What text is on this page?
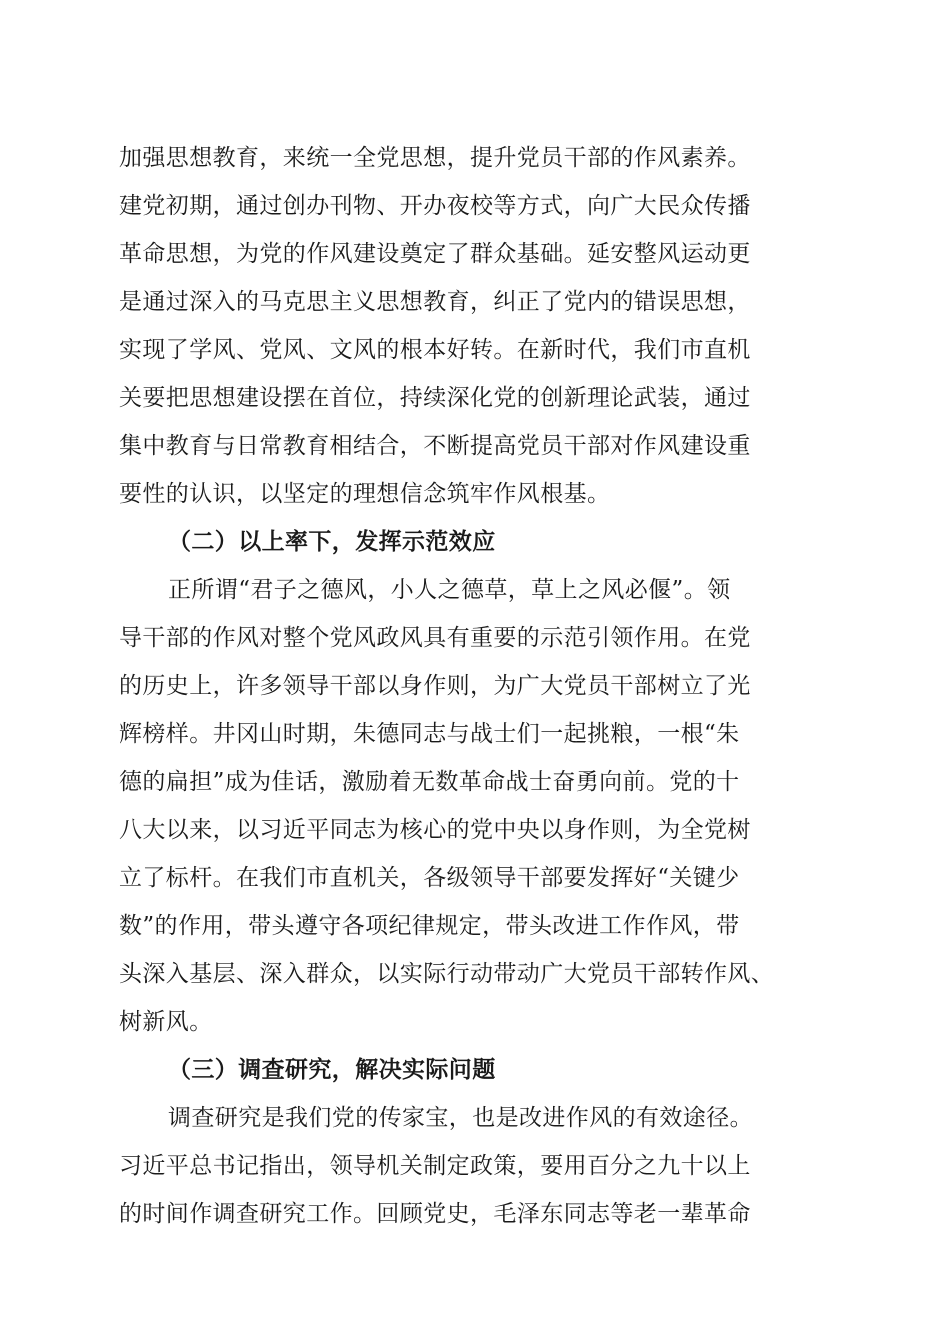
加强思想教育，来统一全党思想，提升党员干部的作风素养。
建党初期，通过创办刊物、开办夜校等方式，向广大民众传播
革命思想，为党的作风建设奠定了群众基础。延安整风运动更
是通过深入的马克思主义思想教育，纠正了党内的错误思想，
实现了学风、党风、文风的根本好转。在新时代，我们市直机
关要把思想建设摆在首位，持续深化党的创新理论武装，通过
集中教育与日常教育相结合，不断提高党员干部对作风建设重
要性的认识，以坚定的理想信念筑牢作风根基。
（二）以上率下，发挥示范效应
正所谓“君子之德风，小人之德草，草上之风必偃”。领
导干部的作风对整个党风政风具有重要的示范引领作用。在党
的历史上，许多领导干部以身作则，为广大党员干部树立了光
辉榜样。井冈山时期，朱德同志与战士们一起挑粮，一根“朱
德的扁担”成为佳话，激励着无数革命战士奋勇向前。党的十
八大以来，以习近平同志为核心的党中央以身作则，为全党树
立了标杆。在我们市直机关，各级领导干部要发挥好“关键少
数”的作用，带头遵守各项纪律规定，带头改进工作作风，带
头深入基层、深入群众，以实际行动带动广大党员干部转作风、
树新风。
（三）调查研究，解决实际问题
调查研究是我们党的传家宝，也是改进作风的有效途径。
习近平总书记指出，领导机关制定政策，要用百分之九十以上
的时间作调查研究工作。回顾党史，毛泽东同志等老一辈革命
